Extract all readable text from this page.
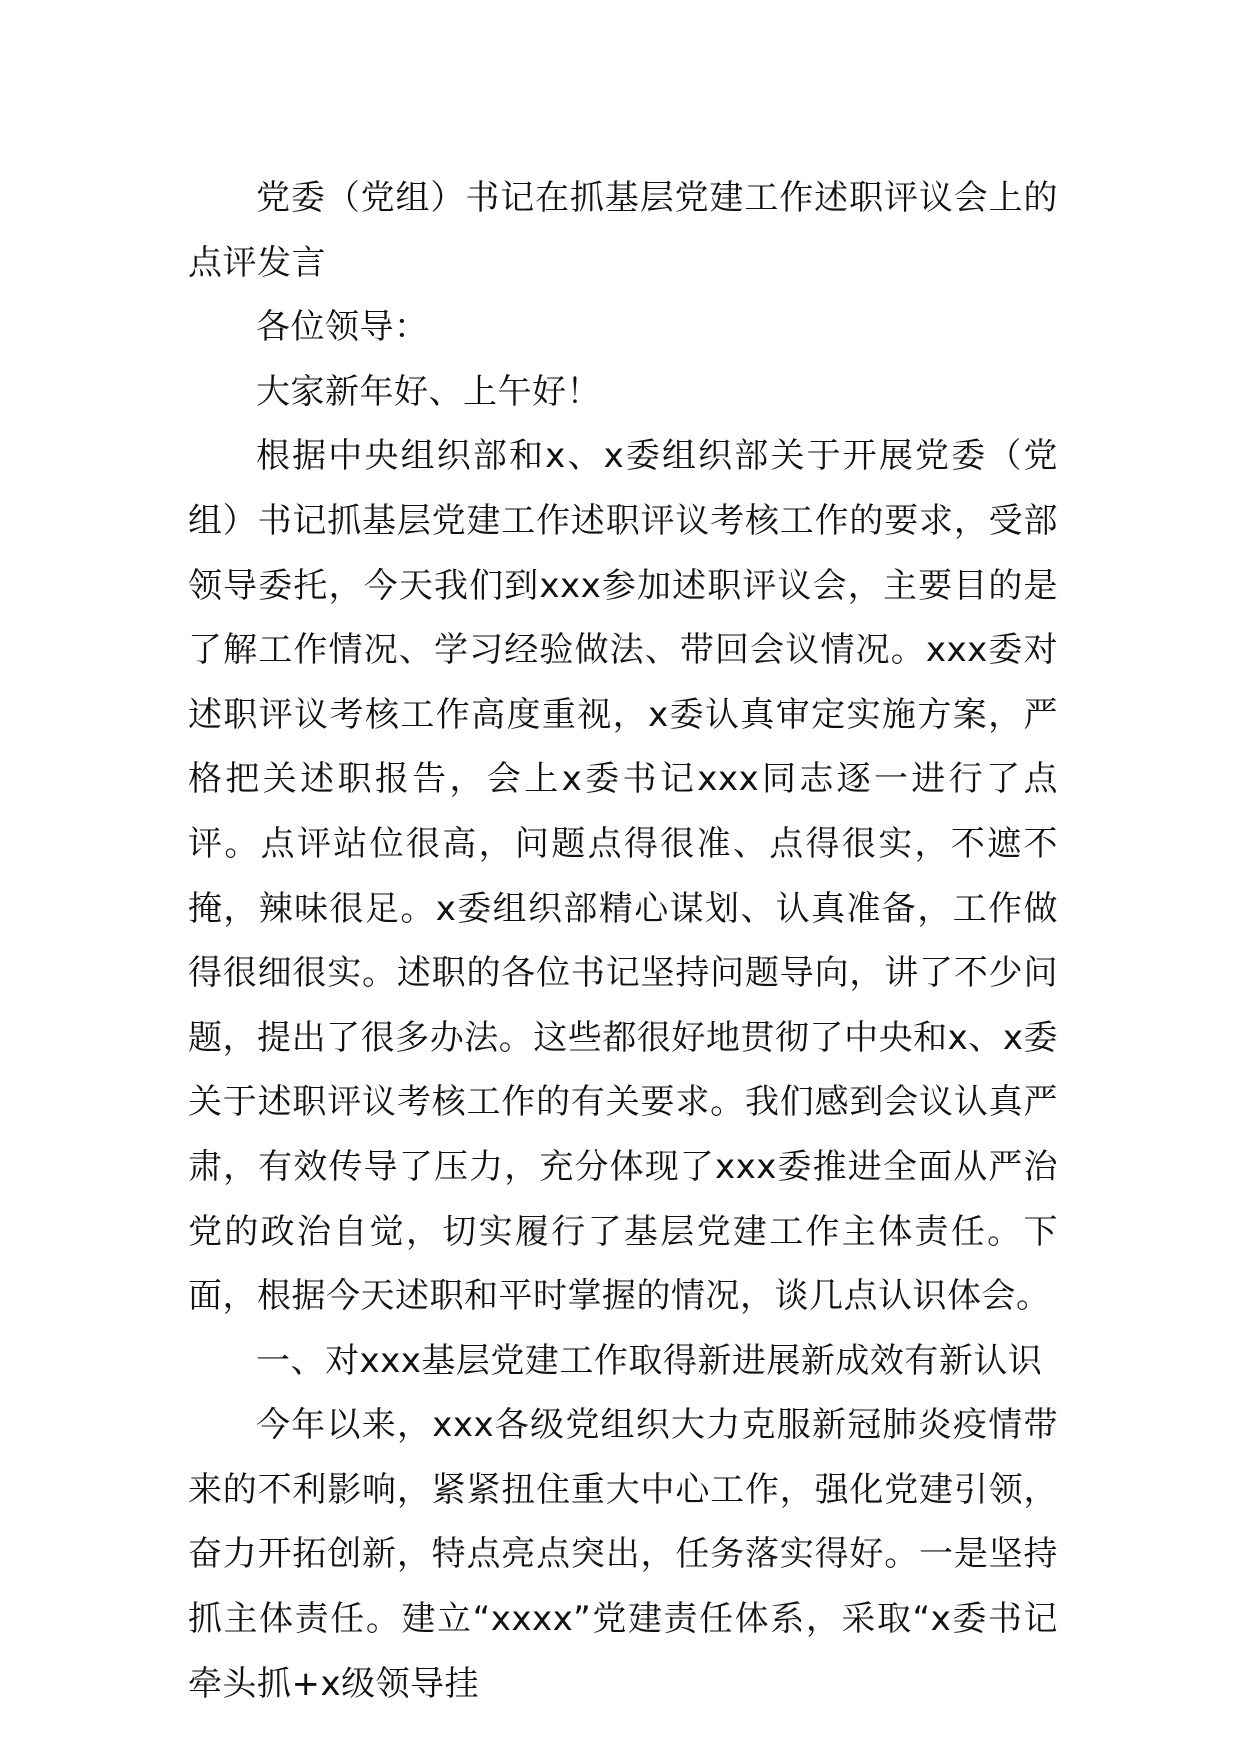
党委（党组）书记在抓基层党建工作述职评议会上的点评发言

各位领导：

大家新年好、上午好！

根据中央组织部和x、x委组织部关于开展党委（党组）书记抓基层党建工作述职评议考核工作的要求，受部领导委托，今天我们到xxx参加述职评议会，主要目的是了解工作情况、学习经验做法、带回会议情况。xxx委对述职评议考核工作高度重视，x委认真审定实施方案，严格把关述职报告，会上x委书记xxx同志逐一进行了点评。点评站位很高，问题点得很准、点得很实，不遮不掩，辣味很足。x委组织部精心谋划、认真准备，工作做得很细很实。述职的各位书记坚持问题导向，讲了不少问题，提出了很多办法。这些都很好地贯彻了中央和x、x委关于述职评议考核工作的有关要求。我们感到会议认真严肃，有效传导了压力，充分体现了xxx委推进全面从严治党的政治自觉，切实履行了基层党建工作主体责任。下面，根据今天述职和平时掌握的情况，谈几点认识体会。

一、对xxx基层党建工作取得新进展新成效有新认识

今年以来，xxx各级党组织大力克服新冠肺炎疫情带来的不利影响，紧紧扭住重大中心工作，强化党建引领，奋力开拓创新，特点亮点突出，任务落实得好。一是坚持抓主体责任。建立“xxxx”党建责任体系，采取“x委书记牵头抓+x级领导挂
